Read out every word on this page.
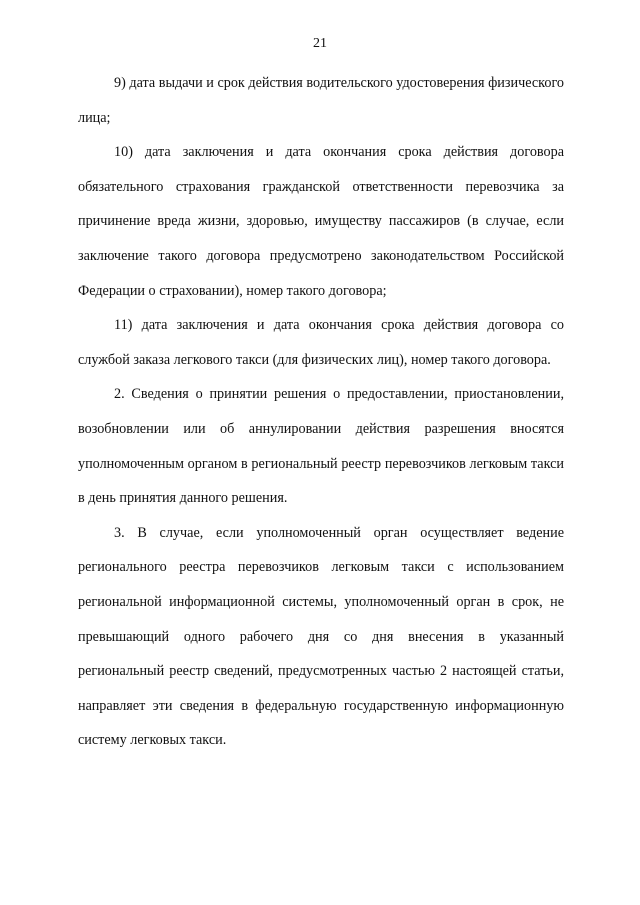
21

9) дата выдачи и срок действия водительского удостоверения физического лица;

10) дата заключения и дата окончания срока действия договора обязательного страхования гражданской ответственности перевозчика за причинение вреда жизни, здоровью, имуществу пассажиров (в случае, если заключение такого договора предусмотрено законодательством Российской Федерации о страховании), номер такого договора;

11) дата заключения и дата окончания срока действия договора со службой заказа легкового такси (для физических лиц), номер такого договора.

2. Сведения о принятии решения о предоставлении, приостановлении, возобновлении или об аннулировании действия разрешения вносятся уполномоченным органом в региональный реестр перевозчиков легковым такси в день принятия данного решения.

3. В случае, если уполномоченный орган осуществляет ведение регионального реестра перевозчиков легковым такси с использованием региональной информационной системы, уполномоченный орган в срок, не превышающий одного рабочего дня со дня внесения в указанный региональный реестр сведений, предусмотренных частью 2 настоящей статьи, направляет эти сведения в федеральную государственную информационную систему легковых такси.
